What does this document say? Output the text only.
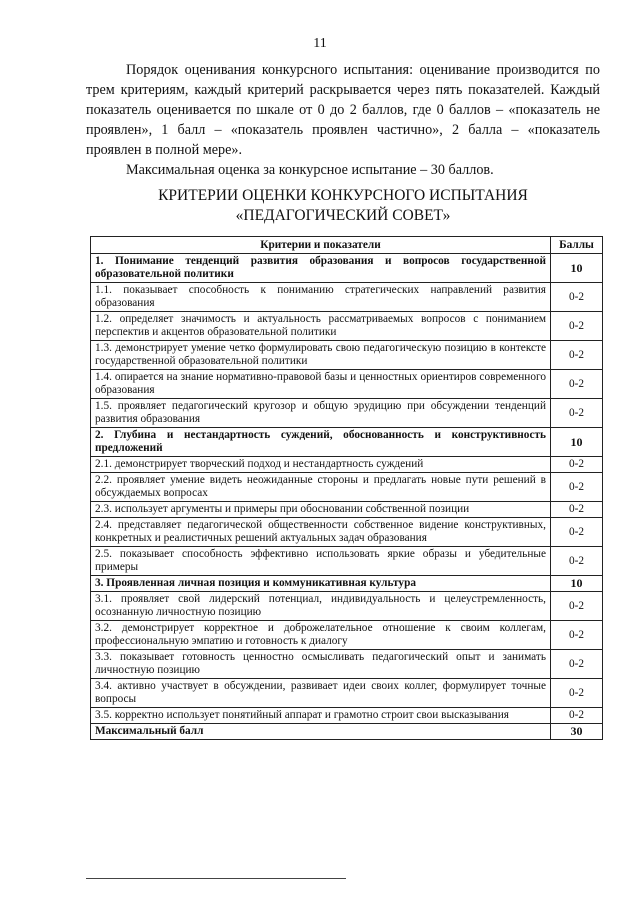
11

Порядок оценивания конкурсного испытания: оценивание производится по трем критериям, каждый критерий раскрывается через пять показателей. Каждый показатель оценивается по шкале от 0 до 2 баллов, где 0 баллов – «показатель не проявлен», 1 балл – «показатель проявлен частично», 2 балла – «показатель проявлен в полной мере».

Максимальная оценка за конкурсное испытание – 30 баллов.

КРИТЕРИИ ОЦЕНКИ КОНКУРСНОГО ИСПЫТАНИЯ
«ПЕДАГОГИЧЕСКИЙ СОВЕТ»
Критерии и показатели	Баллы
1. Понимание тенденций развития образования и вопросов государственной образовательной политики	10
1.1. показывает способность к пониманию стратегических направлений развития образования	0-2
1.2. определяет значимость и актуальность рассматриваемых вопросов с пониманием перспектив и акцентов образовательной политики	0-2
1.3. демонстрирует умение четко формулировать свою педагогическую позицию в контексте государственной образовательной политики	0-2
1.4. опирается на знание нормативно-правовой базы и ценностных ориентиров современного образования	0-2
1.5. проявляет педагогический кругозор и общую эрудицию при обсуждении тенденций развития образования	0-2
2. Глубина и нестандартность суждений, обоснованность и конструктивность предложений	10
2.1. демонстрирует творческий подход и нестандартность суждений	0-2
2.2. проявляет умение видеть неожиданные стороны и предлагать новые пути решений в обсуждаемых вопросах	0-2
2.3. использует аргументы и примеры при обосновании собственной позиции	0-2
2.4. представляет педагогической общественности собственное видение конструктивных, конкретных и реалистичных решений актуальных задач образования	0-2
2.5. показывает способность эффективно использовать яркие образы и убедительные примеры	0-2
3. Проявленная личная позиция и коммуникативная культура	10
3.1. проявляет свой лидерский потенциал, индивидуальность и целеустремленность, осознанную личностную позицию	0-2
3.2. демонстрирует корректное и доброжелательное отношение к своим коллегам, профессиональную эмпатию и готовность к диалогу	0-2
3.3. показывает готовность ценностно осмысливать педагогический опыт и занимать личностную позицию	0-2
3.4. активно участвует в обсуждении, развивает идеи своих коллег, формулирует точные вопросы	0-2
3.5. корректно использует понятийный аппарат и грамотно строит свои высказывания	0-2
Максимальный балл	30
